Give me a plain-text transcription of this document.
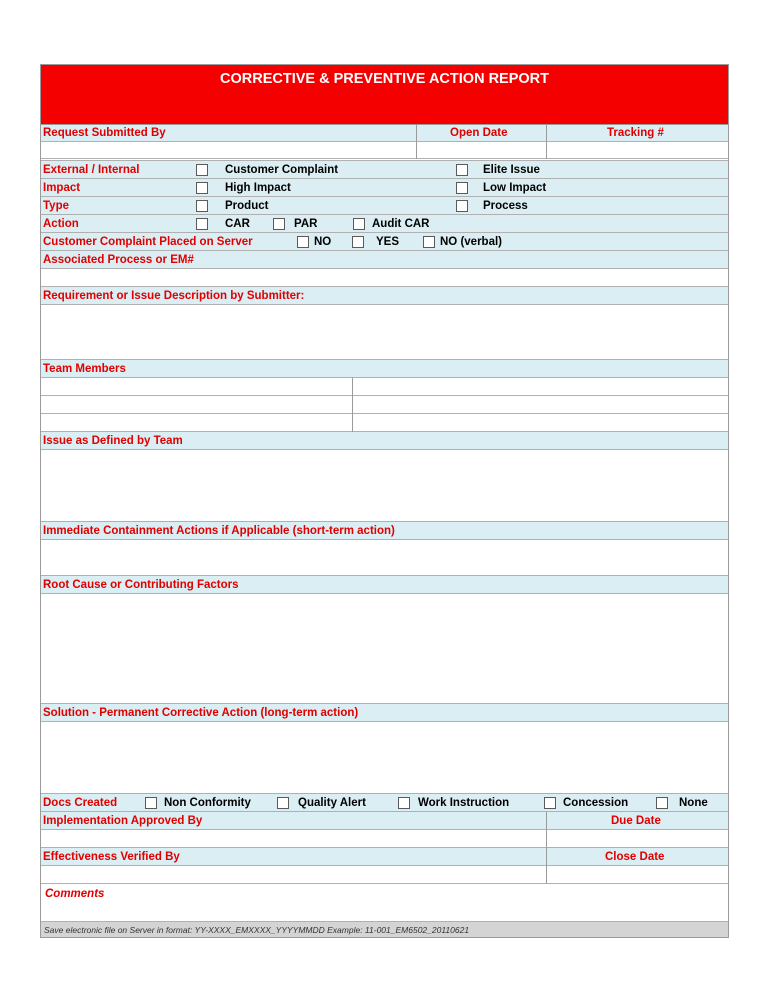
CORRECTIVE & PREVENTIVE ACTION REPORT
Request Submitted By	Open Date	Tracking #
External / Internal	Customer Complaint	Elite Issue
Impact	High Impact	Low Impact
Type	Product	Process
Action	CAR	PAR	Audit CAR
Customer Complaint Placed on Server	NO	YES	NO (verbal)
Associated Process or EM#
Requirement or Issue Description by Submitter:
Team Members
Issue as Defined by Team
Immediate Containment Actions if Applicable (short-term action)
Root Cause or Contributing Factors
Solution - Permanent Corrective Action (long-term action)
Docs Created	Non Conformity	Quality Alert	Work Instruction	Concession	None
Implementation Approved By	Due Date
Effectiveness Verified By	Close Date
Comments
Save electronic file on Server in format: YY-XXXX_EMXXXX_YYYYMMDD Example: 11-001_EM6502_20110621
